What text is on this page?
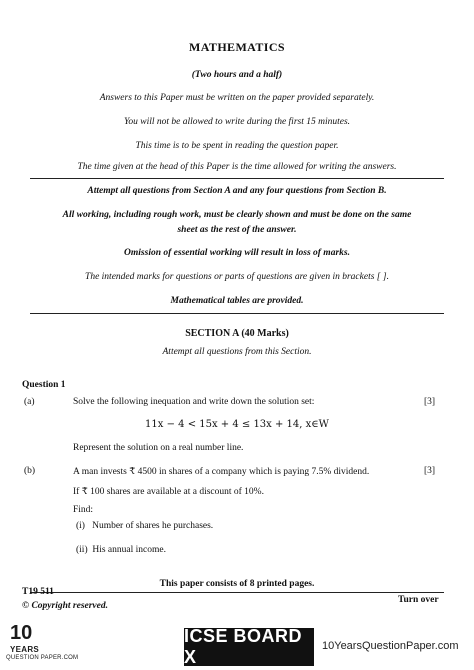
MATHEMATICS
(Two hours and a half)
Answers to this Paper must be written on the paper provided separately.
You will not be allowed to write during the first 15 minutes.
This time is to be spent in reading the question paper.
The time given at the head of this Paper is the time allowed for writing the answers.
Attempt all questions from Section A and any four questions from Section B.
All working, including rough work, must be clearly shown and must be done on the same
sheet as the rest of the answer.
Omission of essential working will result in loss of marks.
The intended marks for questions or parts of questions are given in brackets [ ].
Mathematical tables are provided.
SECTION A (40 Marks)
Attempt all questions from this Section.
Question 1
(a)	Solve the following inequation and write down the solution set:	[3]
11x − 4 < 15x + 4 ≤ 13x + 14, x∈W
Represent the solution on a real number line.
(b)	A man invests ₹ 4500 in shares of a company which is paying 7.5% dividend.	[3]
If ₹ 100 shares are available at a discount of 10%.
Find:
(i)   Number of shares he purchases.
(ii)  His annual income.
This paper consists of 8 printed pages.
T19 511
© Copyright reserved.
Turn over
10
YEARS
QUESTION PAPER.COM
ICSE BOARD X
10YearsQuestionPaper.com
